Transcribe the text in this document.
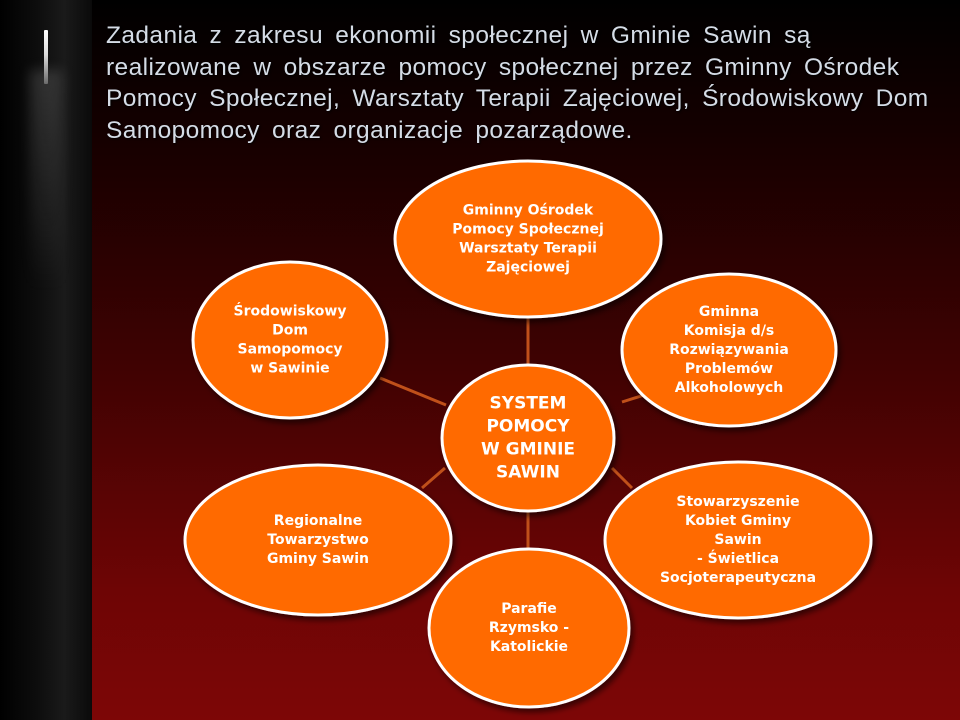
Zadania z zakresu ekonomii społecznej w Gminie Sawin są realizowane w obszarze pomocy społecznej przez Gminny Ośrodek Pomocy Społecznej, Warsztaty Terapii Zajęciowej, Środowiskowy Dom Samopomocy oraz organizacje pozarządowe.

Gminny Ośrodek Pomocy Społecznej Warsztaty Terapii Zajęciowej
Gminna Komisja d/s Rozwiązywania Problemów Alkoholowych
Stowarzyszenie Kobiet Gminy Sawin - Świetlica Socjoterapeutyczna
Parafie Rzymsko -Katolickie
Regionalne Towarzystwo Gminy Sawin
Środowiskowy Dom Samopomocy w Sawinie
SYSTEM POMOCY W GMINIE SAWIN
